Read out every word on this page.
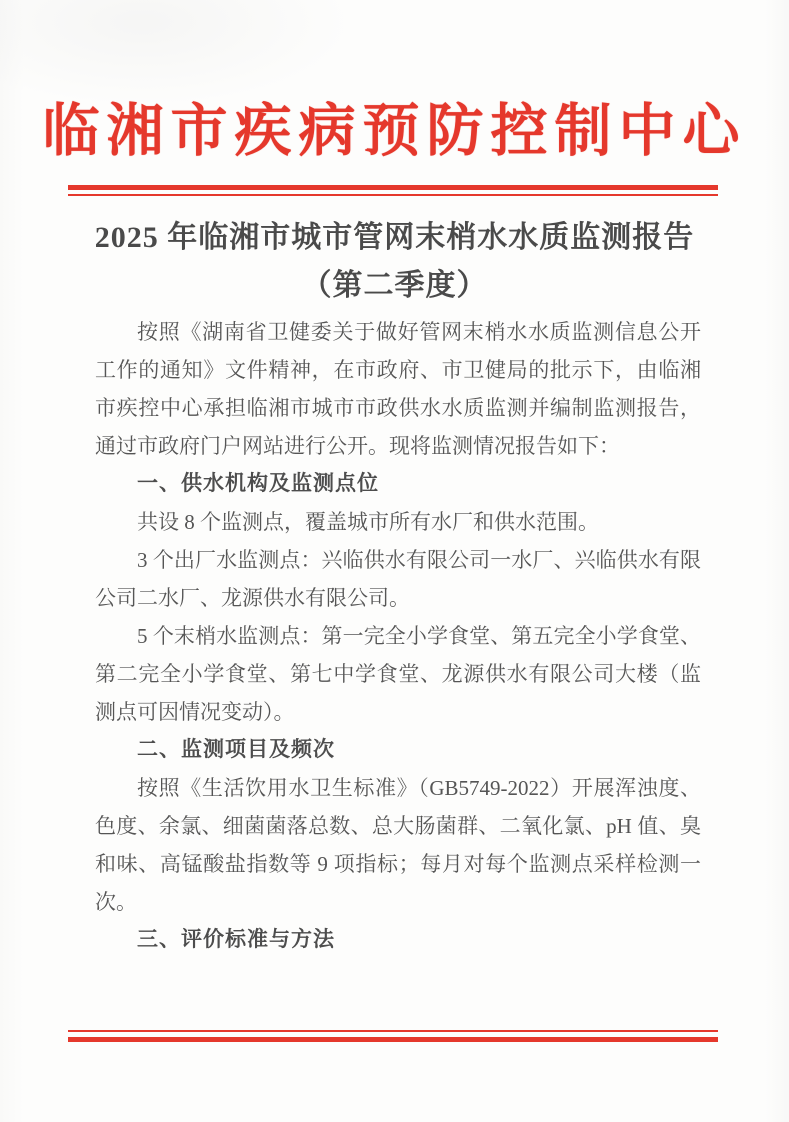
临湘市疾病预防控制中心
2025 年临湘市城市管网末梢水水质监测报告
（第二季度）
按照《湖南省卫健委关于做好管网末梢水水质监测信息公开
工作的通知》文件精神，在市政府、市卫健局的批示下，由临湘
市疾控中心承担临湘市城市市政供水水质监测并编制监测报告，
通过市政府门户网站进行公开。现将监测情况报告如下：
一、供水机构及监测点位
共设 8 个监测点，覆盖城市所有水厂和供水范围。
3 个出厂水监测点：兴临供水有限公司一水厂、兴临供水有限
公司二水厂、龙源供水有限公司。
5 个末梢水监测点：第一完全小学食堂、第五完全小学食堂、
第二完全小学食堂、第七中学食堂、龙源供水有限公司大楼（监
测点可因情况变动）。
二、监测项目及频次
按照《生活饮用水卫生标准》（GB5749-2022）开展浑浊度、
色度、余氯、细菌菌落总数、总大肠菌群、二氧化氯、pH 值、臭
和味、高锰酸盐指数等 9 项指标；每月对每个监测点采样检测一
次。
三、评价标准与方法
